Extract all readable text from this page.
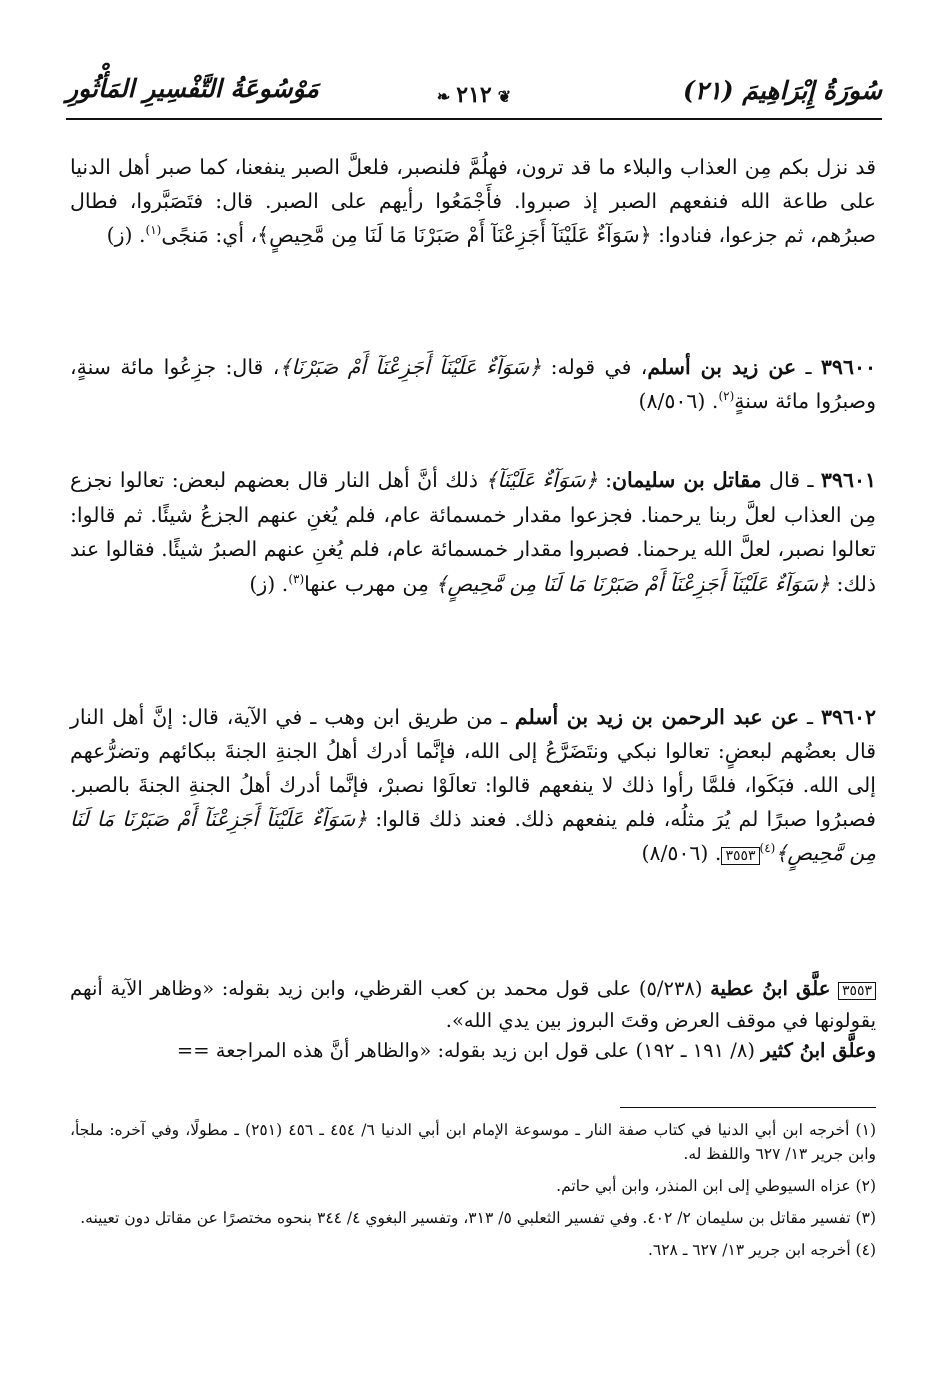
سُورَةُ إِبْرَاهِيمَ (٢١)
❦٢١٢❧
مَوْسُوعَةُ التَّفْسِيرِ المَأْثُورِ

قد نزل بكم مِن العذاب والبلاء ما قد ترون، فهلُمَّ فلنصبر، فلعلَّ الصبر ينفعنا، كما صبر أهل الدنيا على طاعة الله فنفعهم الصبر إذ صبروا. فأَجْمَعُوا رأيهم على الصبر. قال: فتَصَبَّروا، فطال صبرُهم، ثم جزعوا، فنادوا: ﴿سَوَآءٌ عَلَيْنَآ أَجَزِعْنَآ أَمْ صَبَرْنَا مَا لَنَا مِن مَّحِيصٍ﴾، أي: مَنجًى$^{(١)}$. (ز)

٣٩٦٠٠ ـ عن زيد بن أسلم، في قوله: ﴿سَوَآءٌ عَلَيْنَآ أَجَزِعْنَآ أَمْ صَبَرْنَا﴾، قال: جزِعُوا مائة سنةٍ، وصبرُوا مائة سنةٍ$^{(٢)}$. (٨/٥٠٦)

٣٩٦٠١ ـ قال مقاتل بن سليمان: ﴿سَوَآءٌ عَلَيْنَآ﴾ ذلك أنَّ أهل النار قال بعضهم لبعض: تعالوا نجزع مِن العذاب لعلَّ ربنا يرحمنا. فجزعوا مقدار خمسمائة عام، فلم يُغنِ عنهم الجزعُ شيئًا. ثم قالوا: تعالوا نصبر، لعلَّ الله يرحمنا. فصبروا مقدار خمسمائة عام، فلم يُغنِ عنهم الصبرُ شيئًا. فقالوا عند ذلك: ﴿سَوَآءٌ عَلَيْنَآ أَجَزِعْنَآ أَمْ صَبَرْنَا مَا لَنَا مِن مَّحِيصٍ﴾ مِن مهرب عنها$^{(٣)}$. (ز)

٣٩٦٠٢ ـ عن عبد الرحمن بن زيد بن أسلم ـ من طريق ابن وهب ـ في الآية، قال: إنَّ أهل النار قال بعضُهم لبعضٍ: تعالوا نبكي ونتَضَرَّعُ إلى الله، فإنَّما أدرك أهلُ الجنةِ الجنةَ ببكائهم وتضرُّعهم إلى الله. فبَكَوا، فلمَّا رأوا ذلك لا ينفعهم قالوا: تعالَوْا نصبرْ، فإنَّما أدرك أهلُ الجنةِ الجنةَ بالصبر. فصبرُوا صبرًا لم يُرَ مثلُه، فلم ينفعهم ذلك. فعند ذلك قالوا: ﴿سَوَآءٌ عَلَيْنَآ أَجَزِعْنَآ أَمْ صَبَرْنَا مَا لَنَا مِن مَّحِيصٍ﴾$^{(٤)}$٣٥٥٣. (٨/٥٠٦)

٣٥٥٣ علَّق ابنُ عطية (٥/٢٣٨) على قول محمد بن كعب القرظي، وابن زيد بقوله: «وظاهر الآية أنهم يقولونها في موقف العرض وقتَ البروز بين يدي الله».

وعلَّق ابنُ كثير (٨/ ١٩١ ـ ١٩٢) على قول ابن زيد بقوله: «والظاهر أنَّ هذه المراجعة ==

(١) أخرجه ابن أبي الدنيا في كتاب صفة النار ـ موسوعة الإمام ابن أبي الدنيا ٦/ ٤٥٤ ـ ٤٥٦ (٢٥١) ـ مطولًا، وفي آخره: ملجأ، وابن جرير ١٣/ ٦٢٧ واللفظ له.

(٢) عزاه السيوطي إلى ابن المنذر، وابن أبي حاتم.

(٣) تفسير مقاتل بن سليمان ٢/ ٤٠٢. وفي تفسير الثعلبي ٥/ ٣١٣، وتفسير البغوي ٤/ ٣٤٤ بنحوه مختصرًا عن مقاتل دون تعيينه.

(٤) أخرجه ابن جرير ١٣/ ٦٢٧ ـ ٦٢٨.
